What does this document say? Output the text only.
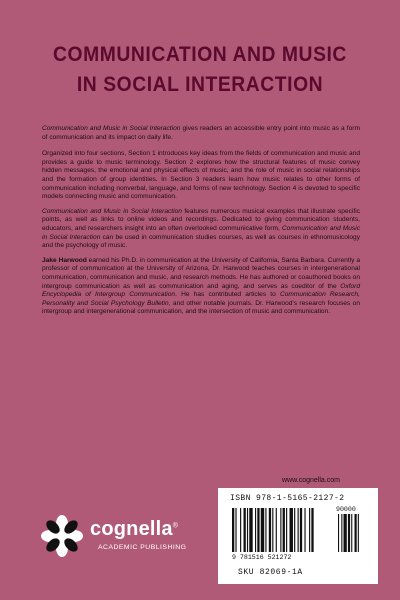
COMMUNICATION AND MUSIC
IN SOCIAL INTERACTION

Communication and Music in Social Interaction gives readers an accessible entry point into music as a form of communication and its impact on daily life.

Organized into four sections, Section 1 introduces key ideas from the fields of communication and music and provides a guide to music terminology. Section 2 explores how the structural features of music convey hidden messages, the emotional and physical effects of music, and the role of music in social relationships and the formation of group identities. In Section 3 readers learn how music relates to other forms of communication including nonverbal, language, and forms of new technology. Section 4 is devoted to specific models connecting music and communication.

Communication and Music in Social Interaction features numerous musical examples that illustrate specific points, as well as links to online videos and recordings. Dedicated to giving communication students, educators, and researchers insight into an often overlooked communicative form, Communication and Music in Social Interaction can be used in communication studies courses, as well as courses in ethnomusicology and the psychology of music.

Jake Harwood earned his Ph.D. in communication at the University of California, Santa Barbara. Currently a professor of communication at the University of Arizona, Dr. Harwood teaches courses in intergenerational communication, communication and music, and research methods. He has authored or coauthored books on intergroup communication as well as communication and aging, and serves as coeditor of the Oxford Encyclopedia of Intergroup Communication. He has contributed articles to Communication Research, Personality and Social Psychology Bulletin, and other notable journals. Dr. Harwood's research focuses on intergroup and intergenerational communication, and the intersection of music and communication.

www.cognella.com
cognella®
ACADEMIC PUBLISHING
ISBN 978-1-5165-2127-2
90000
9 781516 521272
SKU 82069-1A
